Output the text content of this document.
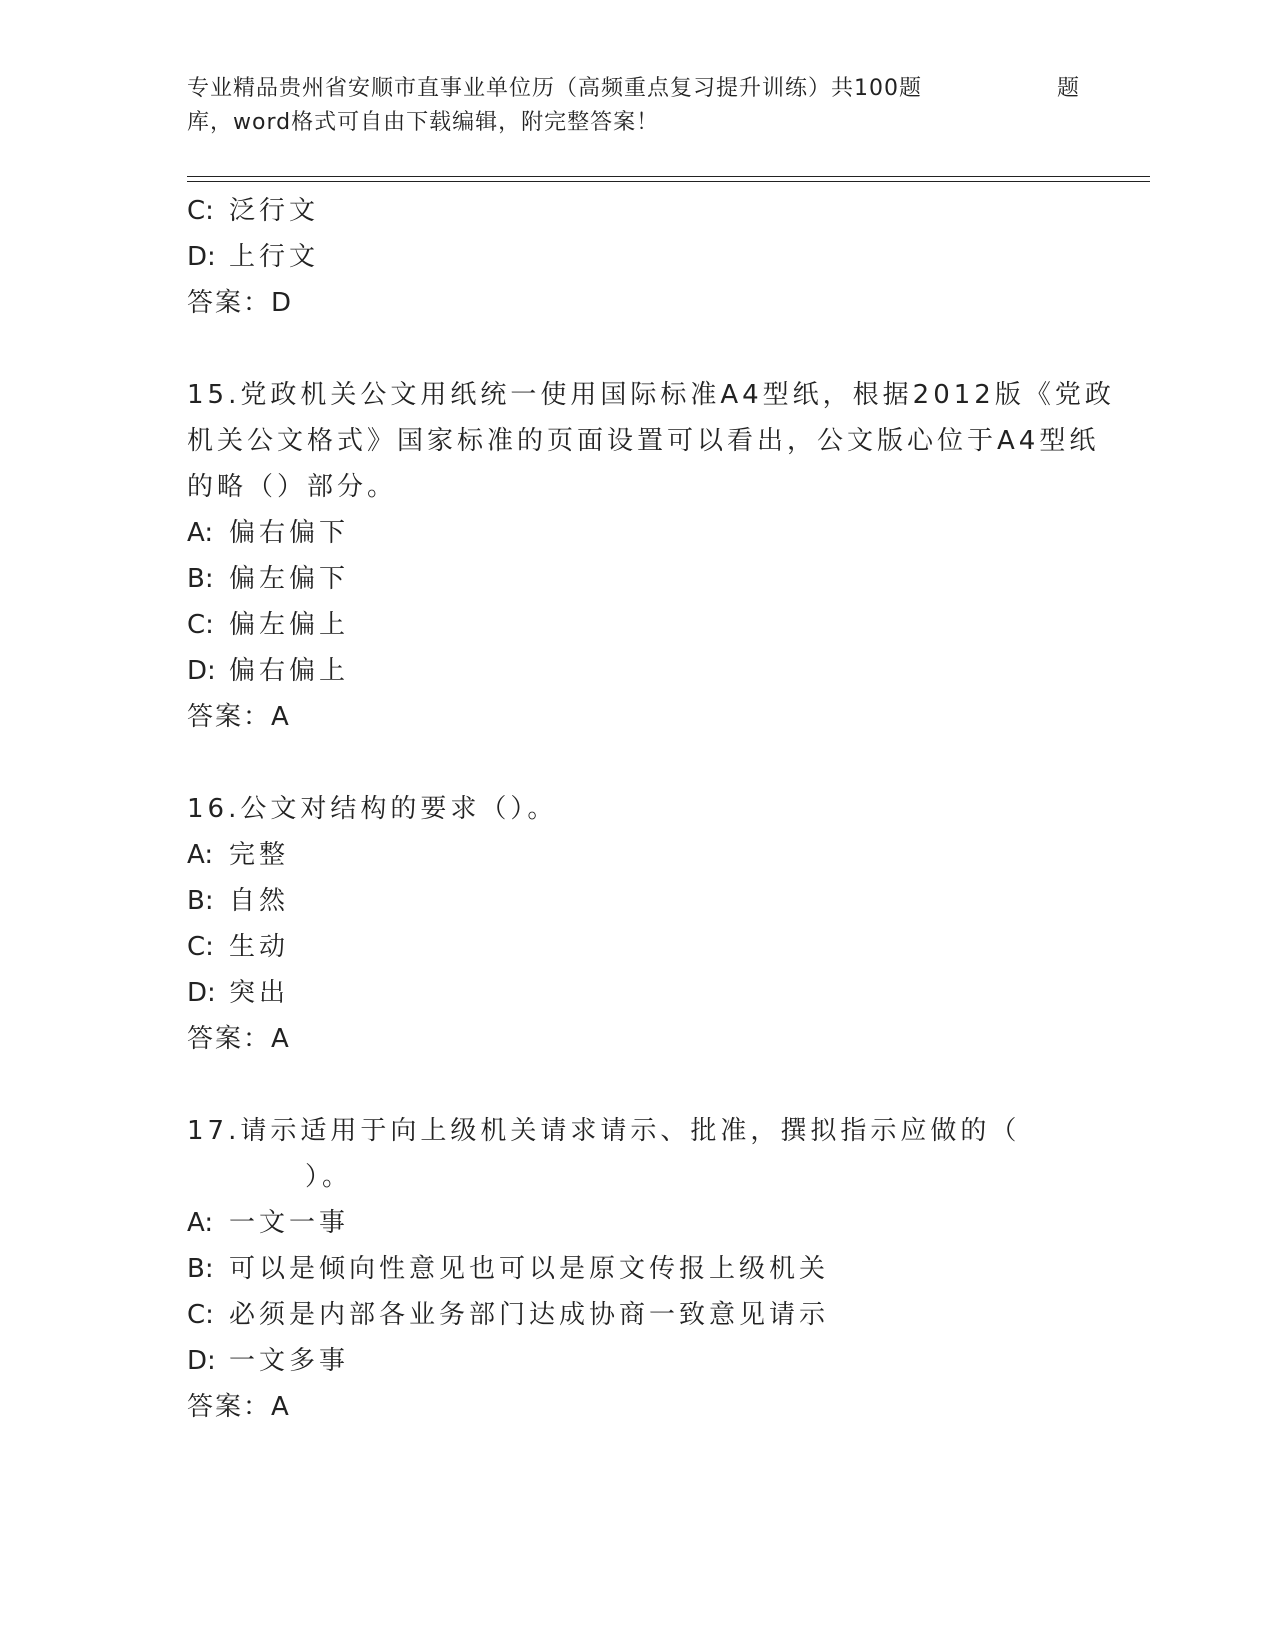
专业精品贵州省安顺市直事业单位历（高频重点复习提升训练）共100题	题
库，word格式可自由下载编辑，附完整答案！
C: 泛行文
D: 上行文
答案：D
15.党政机关公文用纸统一使用国际标准A4型纸，根据2012版《党政
机关公文格式》国家标准的页面设置可以看出，公文版心位于A4型纸
的略（）部分。
A: 偏右偏下
B: 偏左偏下
C: 偏左偏上
D: 偏右偏上
答案：A
16.公文对结构的要求（）。
A: 完整
B: 自然
C: 生动
D: 突出
答案：A
17.请示适用于向上级机关请求请示、批准，撰拟指示应做的（
）。
A: 一文一事
B: 可以是倾向性意见也可以是原文传报上级机关
C: 必须是内部各业务部门达成协商一致意见请示
D: 一文多事
答案：A
